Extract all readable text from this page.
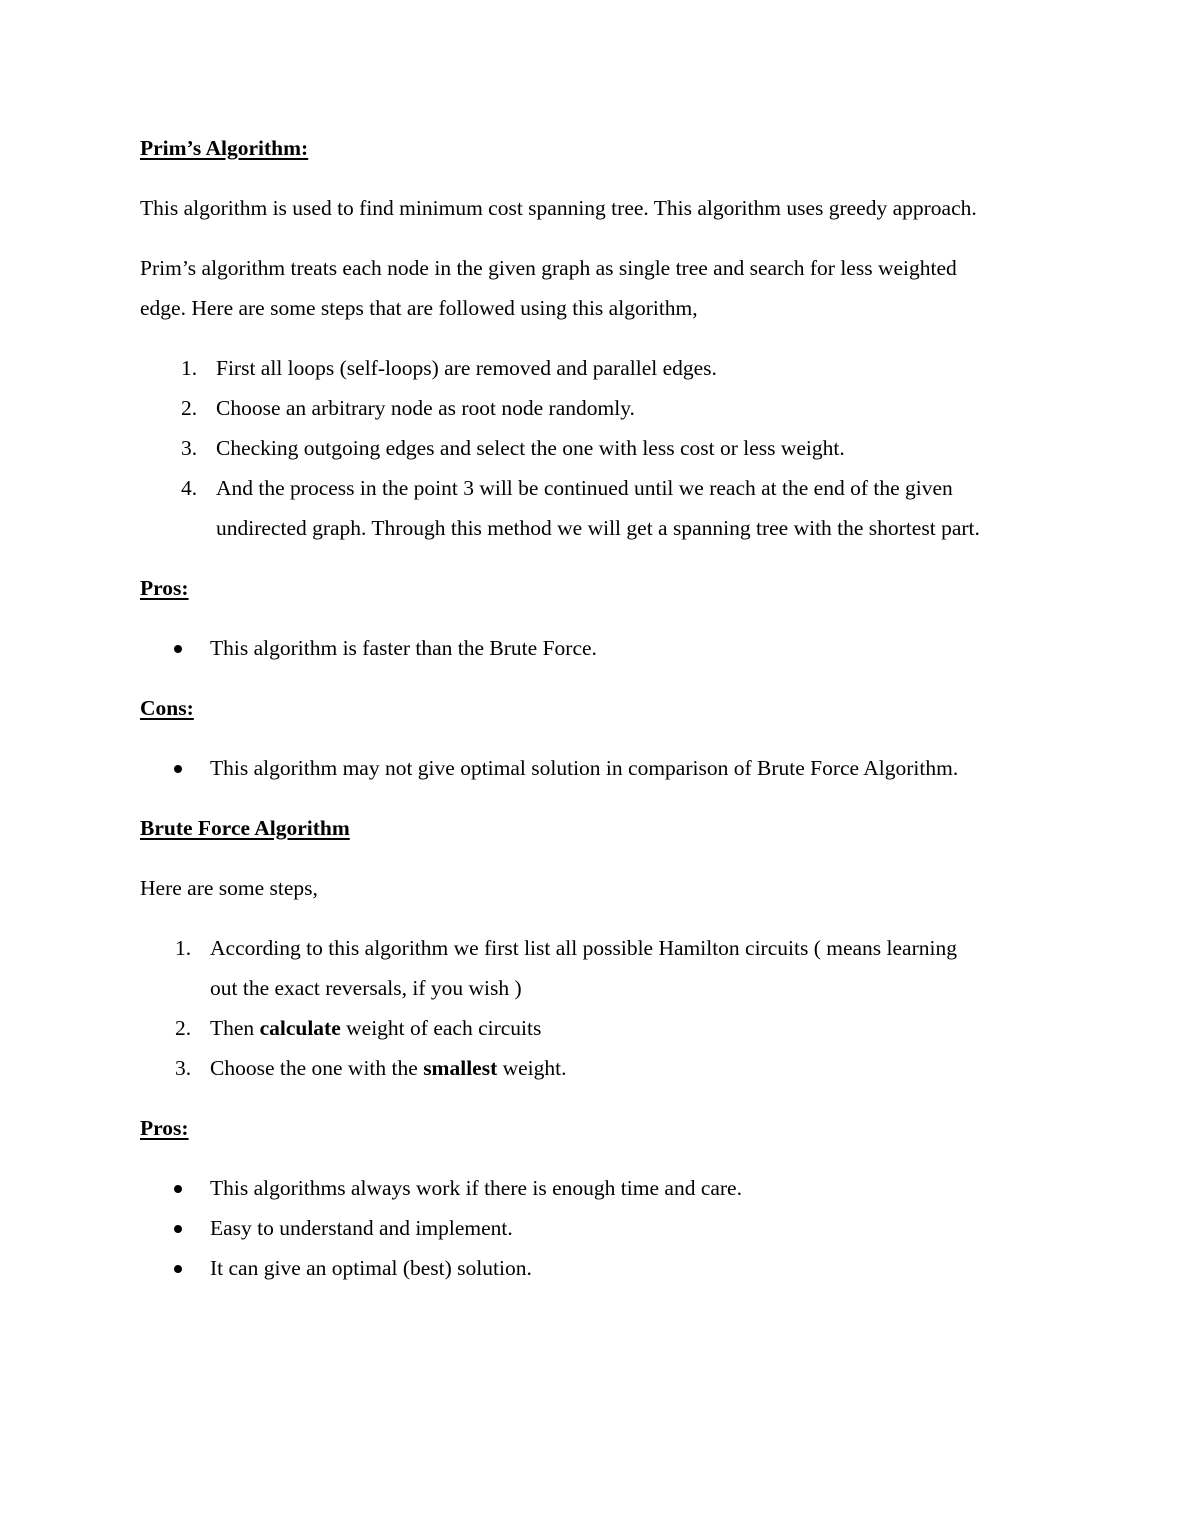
Prim’s Algorithm:

This algorithm is used to find minimum cost spanning tree. This algorithm uses greedy approach.

Prim’s algorithm treats each node in the given graph as single tree and search for less weighted

edge. Here are some steps that are followed using this algorithm,

1. First all loops (self-loops) are removed and parallel edges.
2. Choose an arbitrary node as root node randomly.
3. Checking outgoing edges and select the one with less cost or less weight.
4. And the process in the point 3 will be continued until we reach at the end of the given
undirected graph. Through this method we will get a spanning tree with the shortest part.

Pros:

This algorithm is faster than the Brute Force.

Cons:

This algorithm may not give optimal solution in comparison of Brute Force Algorithm.

Brute Force Algorithm

Here are some steps,

1. According to this algorithm we first list all possible Hamilton circuits ( means learning
out the exact reversals, if you wish )
2. Then calculate weight of each circuits
3. Choose the one with the smallest weight.

Pros:

This algorithms always work if there is enough time and care.
Easy to understand and implement.
It can give an optimal (best) solution.
